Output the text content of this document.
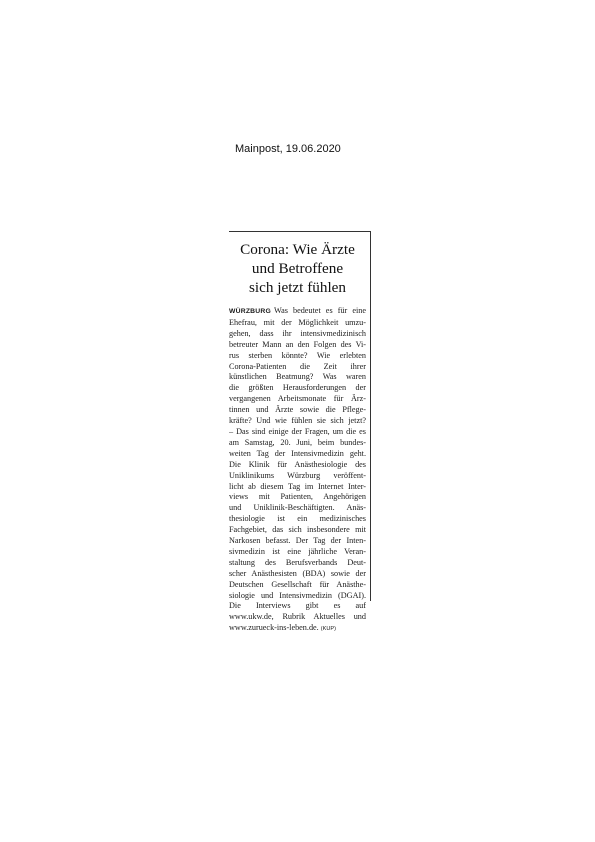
Mainpost, 19.06.2020
Corona: Wie Ärzte
und Betroffene
sich jetzt fühlen
WÜRZBURG Was bedeutet es für eine
Ehefrau, mit der Möglichkeit umzu-
gehen, dass ihr intensivmedizinisch
betreuter Mann an den Folgen des Vi-
rus sterben könnte? Wie erlebten
Corona-Patienten die Zeit ihrer
künstlichen Beatmung? Was waren
die größten Herausforderungen der
vergangenen Arbeitsmonate für Ärz-
tinnen und Ärzte sowie die Pflege-
kräfte? Und wie fühlen sie sich jetzt?
– Das sind einige der Fragen, um die es
am Samstag, 20. Juni, beim bundes-
weiten Tag der Intensivmedizin geht.
Die Klinik für Anästhesiologie des
Uniklinikums Würzburg veröffent-
licht ab diesem Tag im Internet Inter-
views mit Patienten, Angehörigen
und Uniklinik-Beschäftigten. Anäs-
thesiologie ist ein medizinisches
Fachgebiet, das sich insbesondere mit
Narkosen befasst. Der Tag der Inten-
sivmedizin ist eine jährliche Veran-
staltung des Berufsverbands Deut-
scher Anästhesisten (BDA) sowie der
Deutschen Gesellschaft für Anästhe-
siologie und Intensivmedizin (DGAI).
Die Interviews gibt es auf
www.ukw.de, Rubrik Aktuelles und
www.zurueck-ins-leben.de. (KUP)
